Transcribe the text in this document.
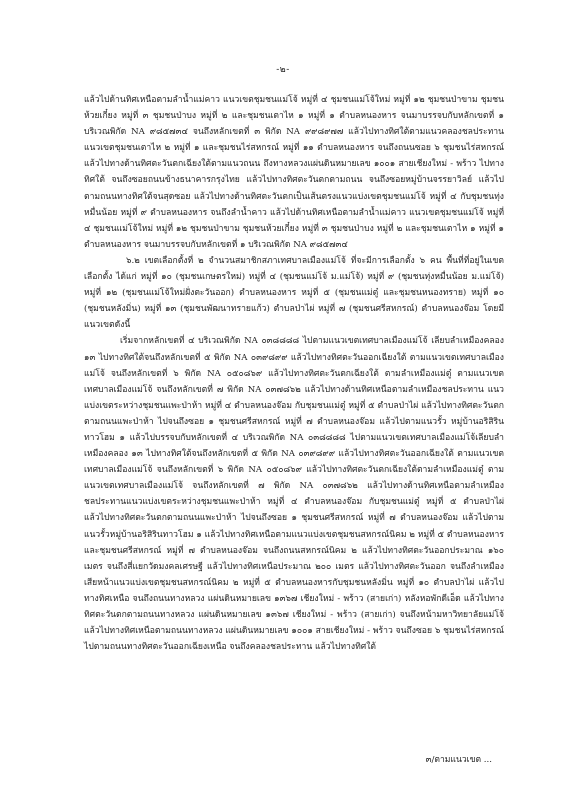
-๒-

แล้วไปด้านทิศเหนือตามลำน้ำแม่คาว แนวเขตชุมชนแม่โจ้ หมู่ที่ ๔ ชุมชนแม่โจ้ใหม่ หมู่ที่ ๑๒ ชุมชนป่าขาม ชุมชนห้วยเกี๋ยง หมู่ที่ ๓ ชุมชนป่าบง หมู่ที่ ๒ และชุมชนเตาไห ๑ หมู่ที่ ๑ ตำบลหนองหาร จนมาบรรจบกับหลักเขตที่ ๑ บริเวณพิกัด NA ๙๘๕๗๓๔ จนถึงหลักเขตที่ ๓ พิกัด NA ๙๙๘๙๗๗ แล้วไปทางทิศใต้ตามแนวคลองชลประทาน แนวเขตชุมชนเตาไห ๒ หมู่ที่ ๑ และชุมชนไร่สหกรณ์ หมู่ที่ ๑๑ ตำบลหนองหาร จนถึงถนนซอย ๖ ชุมชนไร่สหกรณ์ แล้วไปทางด้านทิศตะวันตกเฉียงใต้ตามแนวถนน ถึงทางหลวงแผ่นดินหมายเลข ๑๐๐๑ สายเชียงใหม่ - พร้าว ไปทางทิศใต้ จนถึงซอยถนนข้างธนาคารกรุงไทย แล้วไปทางทิศตะวันตกตามถนน จนถึงซอยหมู่บ้านจรรยาวิลย์ แล้วไปตามถนนทางทิศใต้จนสุดซอย แล้วไปทางด้านทิศตะวันตกเป็นเส้นตรงแนวแบ่งเขตชุมชนแม่โจ้ หมู่ที่ ๔ กับชุมชนทุ่งหมื่นน้อย หมู่ที่ ๙ ตำบลหนองหาร จนถึงลำน้ำคาว แล้วไปด้านทิศเหนือตามลำน้ำแม่คาว แนวเขตชุมชนแม่โจ้ หมู่ที่ ๔ ชุมชนแม่โจ้ใหม่ หมู่ที่ ๑๒ ชุมชนป่าขาม ชุมชนห้วยเกี๋ยง หมู่ที่ ๓ ชุมชนป่าบง หมู่ที่ ๒ และชุมชนเตาไห ๑ หมู่ที่ ๑ ตำบลหนองหาร จนมาบรรจบกับหลักเขตที่ ๑ บริเวณพิกัด NA ๙๘๕๗๓๔

๖.๒ เขตเลือกตั้งที่ ๒ จำนวนสมาชิกสภาเทศบาลเมืองแม่โจ้ ที่จะมีการเลือกตั้ง ๖ คน พื้นที่ที่อยู่ในเขตเลือกตั้ง ได้แก่ หมู่ที่ ๑๐ (ชุมชนเกษตรใหม่) หมู่ที่ ๔ (ชุมชนแม่โจ้ ม.แม่โจ้) หมู่ที่ ๙ (ชุมชนทุ่งหมื่นน้อย ม.แม่โจ้) หมู่ที่ ๑๒ (ชุมชนแม่โจ้ใหม่ฝั่งตะวันออก) ตำบลหนองหาร หมู่ที่ ๕ (ชุมชนแม่ตู๋ และชุมชนหนองทราย) หมู่ที่ ๑๐ (ชุมชนหลังมิ่น) หมู่ที่ ๑๓ (ชุมชนพัฒนาทรายแก้ว) ตำบลป่าไผ่ หมู่ที่ ๗ (ชุมชนศรีสหกรณ์) ตำบลหนองจ๊อม โดยมีแนวเขตดังนี้

เริ่มจากหลักเขตที่ ๔ บริเวณพิกัด NA ๐๓๘๘๘๘ ไปตามแนวเขตเทศบาลเมืองแม่โจ้ เลียบลำเหมืองคลอง ๑๓ ไปทางทิศใต้จนถึงหลักเขตที่ ๕ พิกัด NA ๐๓๙๘๙๙ แล้วไปทางทิศตะวันออกเฉียงใต้ ตามแนวเขตเทศบาลเมืองแม่โจ้ จนถึงหลักเขตที่ ๖ พิกัด NA ๐๕๐๘๖๙ แล้วไปทางทิศตะวันตกเฉียงใต้ ตามลำเหมืองแม่ตู๋ ตามแนวเขตเทศบาลเมืองแม่โจ้ จนถึงหลักเขตที่ ๗ พิกัด NA ๐๓๗๘๖๒ แล้วไปทางด้านทิศเหนือตามลำเหมืองชลประทาน แนวแบ่งเขตระหว่างชุมชนแพะป่าห้า หมู่ที่ ๔ ตำบลหนองจ๊อม กับชุมชนแม่ตู๋ หมู่ที่ ๕ ตำบลป่าไผ่ แล้วไปทางทิศตะวันตกตามถนนแพะป่าห้า ไปจนถึงซอย ๑ ชุมชนศรีสหกรณ์ หมู่ที่ ๗ ตำบลหนองจ๊อม แล้วไปตามแนวรั้ว หมู่บ้านอริสิรินทาวโฮม ๑ แล้วไปบรรจบกับหลักเขตที่ ๔ บริเวณพิกัด NA ๐๓๘๘๘๘ ไปตามแนวเขตเทศบาลเมืองแม่โจ้เลียบลำเหมืองคลอง ๑๓ ไปทางทิศใต้จนถึงหลักเขตที่ ๕ พิกัด NA ๐๓๙๘๙๙ แล้วไปทางทิศตะวันออกเฉียงใต้ ตามแนวเขตเทศบาลเมืองแม่โจ้ จนถึงหลักเขตที่ ๖ พิกัด NA ๐๕๐๘๖๙ แล้วไปทางทิศตะวันตกเฉียงใต้ตามลำเหมืองแม่ตู๋ ตามแนวเขตเทศบาลเมืองแม่โจ้ จนถึงหลักเขตที่ ๗ พิกัด NA ๐๓๗๘๖๒ แล้วไปทางด้านทิศเหนือตามลำเหมืองชลประทานแนวแบ่งเขตระหว่างชุมชนแพะป่าห้า หมู่ที่ ๔ ตำบลหนองจ๊อม กับชุมชนแม่ตู๋ หมู่ที่ ๕ ตำบลป่าไผ่ แล้วไปทางทิศตะวันตกตามถนนแพะป่าห้า ไปจนถึงซอย ๑ ชุมชนศรีสหกรณ์ หมู่ที่ ๗ ตำบลหนองจ๊อม แล้วไปตามแนวรั้วหมู่บ้านอริสิรินทาวโฮม ๑ แล้วไปทางทิศเหนือตามแนวแบ่งเขตชุมชนสหกรณ์นิคม ๒ หมู่ที่ ๕ ตำบลหนองหาร และชุมชนศรีสหกรณ์ หมู่ที่ ๗ ตำบลหนองจ๊อม จนถึงถนนสหกรณ์นิคม ๒ แล้วไปทางทิศตะวันออกประมาณ ๑๖๐ เมตร จนถึงสี่แยกวัดมงคลเศรษฐี แล้วไปทางทิศเหนือประมาณ ๒๐๐ เมตร แล้วไปทางทิศตะวันออก จนถึงลำเหมืองเสียหน้าแนวแบ่งเขตชุมชนสหกรณ์นิคม ๒ หมู่ที่ ๕ ตำบลหนองหารกับชุมชนหลังมิ่น หมู่ที่ ๑๐ ตำบลป่าไผ่ แล้วไปทางทิศเหนือ จนถึงถนนทางหลวง แผ่นดินหมายเลข ๑๓๖๗ เชียงใหม่ - พร้าว (สายเก่า) หลังหอพักดีเอ็ด แล้วไปทางทิศตะวันตกตามถนนทางหลวง แผ่นดินหมายเลข ๑๓๖๗ เชียงใหม่ - พร้าว (สายเก่า) จนถึงหน้ามหาวิทยาลัยแม่โจ้ แล้วไปทางทิศเหนือตามถนนทางหลวง แผ่นดินหมายเลข ๑๐๐๑ สายเชียงใหม่ - พร้าว จนถึงซอย ๖ ชุมชนไร่สหกรณ์ ไปตามถนนทางทิศตะวันออกเฉียงเหนือ จนถึงคลองชลประทาน แล้วไปทางทิศใต้

๓/ตามแนวเขต ...
